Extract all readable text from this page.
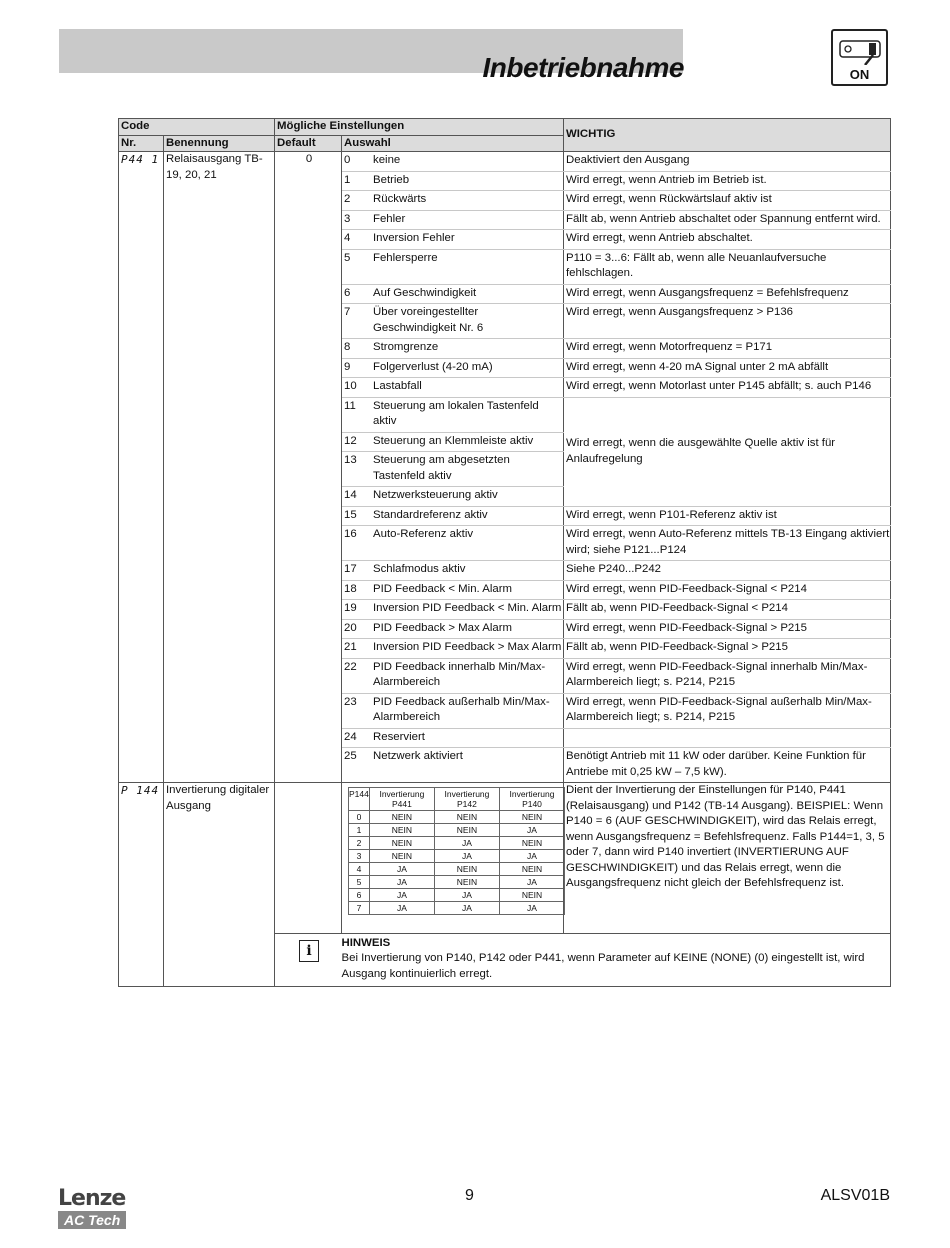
Inbetriebnahme	ON
Code	Mögliche Einstellungen	WICHTIG
Nr.	Benennung	Default	Auswahl
P44 1	Relaisausgang TB-19, 20, 21	0	0	keine	Deaktiviert den Ausgang

1	Betrieb	Wird erregt, wenn Antrieb im Betrieb ist.

2	Rückwärts	Wird erregt, wenn Rückwärtslauf aktiv ist

3	Fehler	Fällt ab, wenn Antrieb abschaltet oder Spannung entfernt wird.

4	Inversion Fehler	Wird erregt, wenn Antrieb abschaltet.

5	Fehlersperre	P110 = 3...6: Fällt ab, wenn alle Neuanlaufversuche fehlschlagen.

6	Auf Geschwindigkeit	Wird erregt, wenn Ausgangsfrequenz = Befehlsfrequenz

7	Über voreingestellter Geschwindigkeit Nr. 6
	Wird erregt, wenn Ausgangsfrequenz > P136

8	Stromgrenze	Wird erregt, wenn Motorfrequenz = P171

9	Folgerverlust (4-20 mA)	Wird erregt, wenn 4-20 mA Signal unter 2 mA abfällt

10	Lastabfall	Wird erregt, wenn Motorlast unter P145 abfällt; s. auch P146

11	Steuerung am lokalen Tastenfeld aktiv
	Wird erregt, wenn die ausgewählte Quelle aktiv ist für Anlaufregelung

12	Steuerung an Klemmleiste aktiv

13	Steuerung am abgesetzten Tastenfeld aktiv

14	Netzwerksteuerung aktiv

15	Standardreferenz aktiv	Wird erregt, wenn P101-Referenz aktiv ist

16	Auto-Referenz aktiv	Wird erregt, wenn Auto-Referenz mittels TB-13 Eingang aktiviert wird; siehe P121...P124

17	Schlafmodus aktiv	Siehe P240...P242

18	PID Feedback < Min. Alarm	Wird erregt, wenn PID-Feedback-Signal < P214

19	Inversion PID Feedback < Min. Alarm	Fällt ab, wenn PID-Feedback-Signal < P214

20	PID Feedback > Max Alarm	Wird erregt, wenn PID-Feedback-Signal > P215

21	Inversion PID Feedback > Max Alarm	Fällt ab, wenn PID-Feedback-Signal > P215

22	PID Feedback innerhalb Min/Max-Alarmbereich
	Wird erregt, wenn PID-Feedback-Signal innerhalb Min/Max-Alarmbereich liegt; s. P214, P215

23	PID Feedback außerhalb Min/Max-Alarmbereich
	Wird erregt, wenn PID-Feedback-Signal außerhalb Min/Max-Alarmbereich liegt; s. P214, P215

24	Reserviert

25	Netzwerk aktiviert	Benötigt Antrieb mit 11 kW oder darüber. Keine Funktion für Antriebe mit 0,25 kW – 7,5 kW).
P 144	Invertierung digitaler Ausgang		
P144	Invertierung P441	Invertierung P142	Invertierung P140
0	NEIN	NEIN	NEIN
1	NEIN	NEIN	JA
2	NEIN	JA	NEIN
3	NEIN	JA	JA
4	JA	NEIN	NEIN
5	JA	NEIN	JA
6	JA	JA	NEIN
7	JA	JA	JA
	Dient der Invertierung der Einstellungen für P140, P441 (Relaisausgang) und P142 (TB-14 Ausgang). BEISPIEL: Wenn P140 = 6 (AUF GESCHWINDIGKEIT), wird das Relais erregt, wenn Ausgangsfrequenz = Befehlsfrequenz. Falls P144=1, 3, 5 oder 7, dann wird P140 invertiert (INVERTIERUNG AUF GESCHWINDIGKEIT) und das Relais erregt, wenn die Ausgangsfrequenz nicht gleich der Befehlsfrequenz ist.
		i	HINWEIS
Bei Invertierung von P140, P142 oder P441, wenn Parameter auf KEINE (NONE) (0) eingestellt ist, wird Ausgang kontinuierlich erregt.
Lenze
AC Tech
9	ALSV01B
